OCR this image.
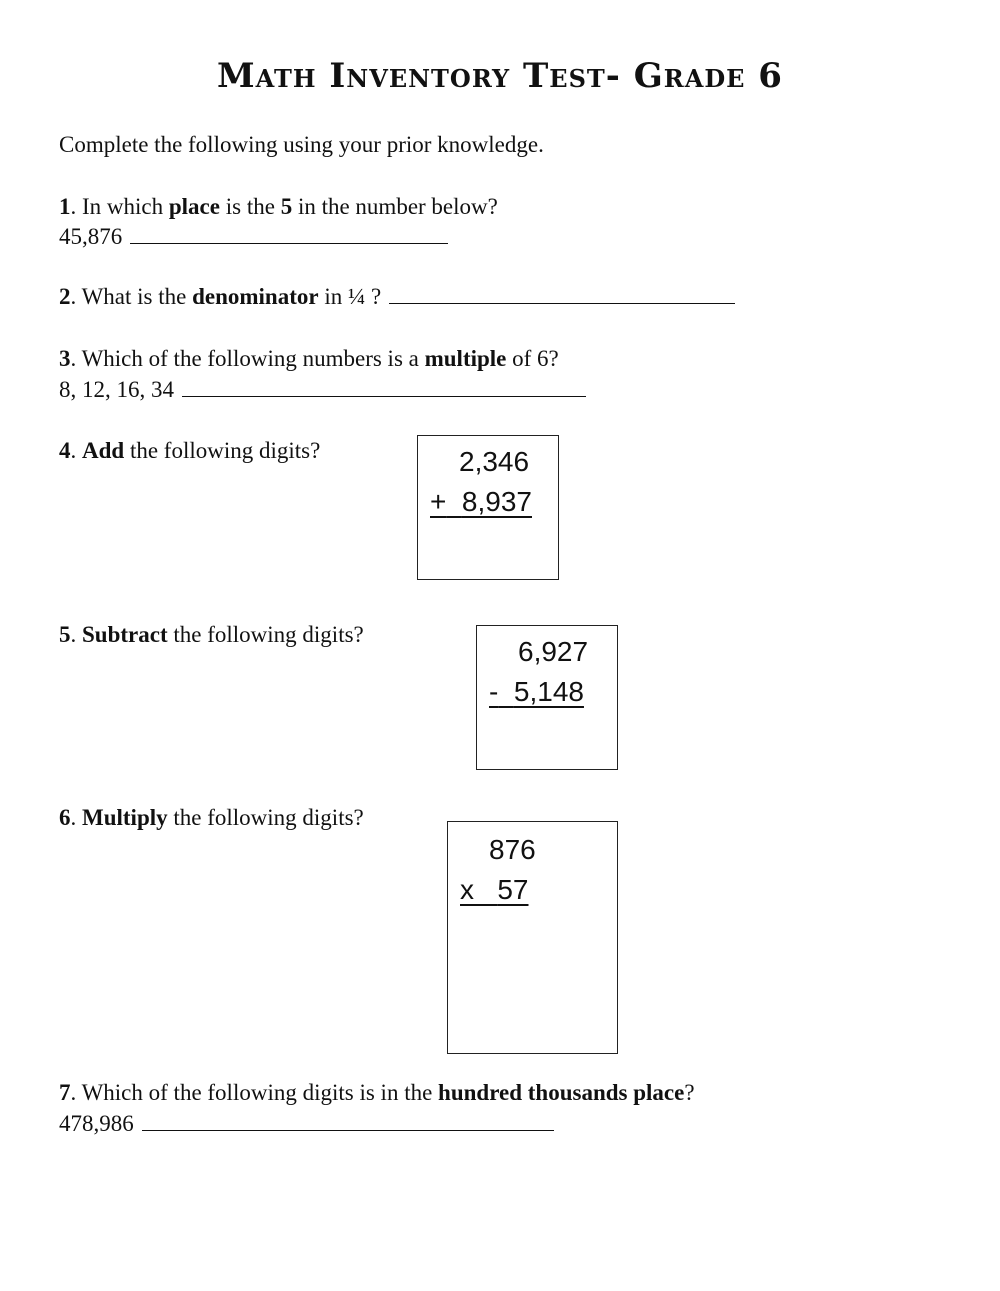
Math Inventory Test- Grade 6
Complete the following using your prior knowledge.
1. In which place is the 5 in the number below?
45,876
2. What is the denominator in ¼ ?
3. Which of the following numbers is a multiple of 6?
8, 12, 16, 34
4. Add the following digits?	2,346
+ 8,937
5. Subtract the following digits?
6,927
- 5,148
6. Multiply the following digits?
876
x 57
7. Which of the following digits is in the hundred thousands place?
478,986
